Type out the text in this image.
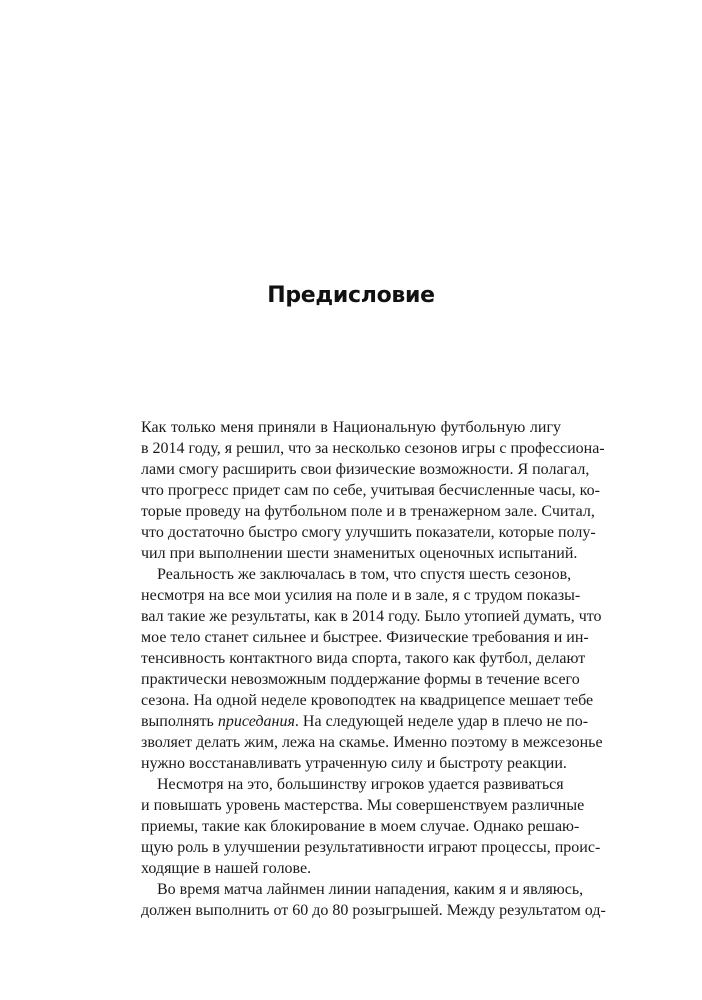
Предисловие
Как только меня приняли в Национальную футбольную лигу
в 2014 году, я решил, что за несколько сезонов игры с профессиона-
лами смогу расширить свои физические возможности. Я полагал,
что прогресс придет сам по себе, учитывая бесчисленные часы, ко-
торые проведу на футбольном поле и в тренажерном зале. Считал,
что достаточно быстро смогу улучшить показатели, которые полу-
чил при выполнении шести знаменитых оценочных испытаний.
Реальность же заключалась в том, что спустя шесть сезонов,
несмотря на все мои усилия на поле и в зале, я с трудом показы-
вал такие же результаты, как в 2014 году. Было утопией думать, что
мое тело станет сильнее и быстрее. Физические требования и ин-
тенсивность контактного вида спорта, такого как футбол, делают
практически невозможным поддержание формы в течение всего
сезона. На одной неделе кровоподтек на квадрицепсе мешает тебе
выполнять приседания. На следующей неделе удар в плечо не по-
зволяет делать жим, лежа на скамье. Именно поэтому в межсезонье
нужно восстанавливать утраченную силу и быстроту реакции.
Несмотря на это, большинству игроков удается развиваться
и повышать уровень мастерства. Мы совершенствуем различные
приемы, такие как блокирование в моем случае. Однако решаю-
щую роль в улучшении результативности играют процессы, проис-
ходящие в нашей голове.
Во время матча лайнмен линии нападения, каким я и являюсь,
должен выполнить от 60 до 80 розыгрышей. Между результатом од-
